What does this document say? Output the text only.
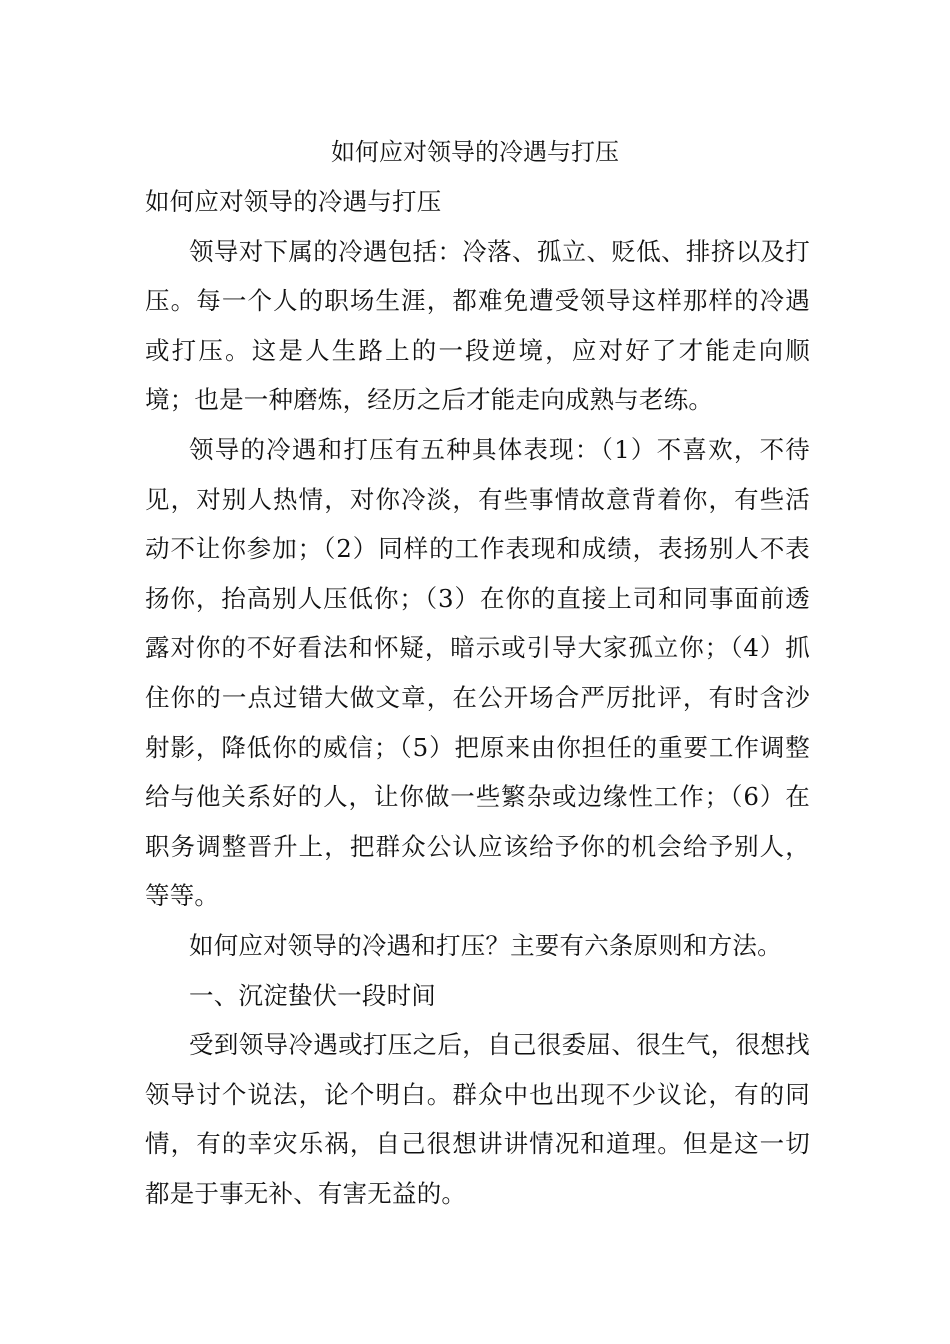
如何应对领导的冷遇与打压

如何应对领导的冷遇与打压

领导对下属的冷遇包括：冷落、孤立、贬低、排挤以及打压。每一个人的职场生涯，都难免遭受领导这样那样的冷遇或打压。这是人生路上的一段逆境，应对好了才能走向顺境；也是一种磨炼，经历之后才能走向成熟与老练。

领导的冷遇和打压有五种具体表现：（1）不喜欢，不待见，对别人热情，对你冷淡，有些事情故意背着你，有些活动不让你参加；（2）同样的工作表现和成绩，表扬别人不表扬你，抬高别人压低你；（3）在你的直接上司和同事面前透露对你的不好看法和怀疑，暗示或引导大家孤立你；（4）抓住你的一点过错大做文章，在公开场合严厉批评，有时含沙射影，降低你的威信；（5）把原来由你担任的重要工作调整给与他关系好的人，让你做一些繁杂或边缘性工作；（6）在职务调整晋升上，把群众公认应该给予你的机会给予别人，等等。

如何应对领导的冷遇和打压？主要有六条原则和方法。

一、沉淀蛰伏一段时间

受到领导冷遇或打压之后，自己很委屈、很生气，很想找领导讨个说法，论个明白。群众中也出现不少议论，有的同情，有的幸灾乐祸，自己很想讲讲情况和道理。但是这一切都是于事无补、有害无益的。
